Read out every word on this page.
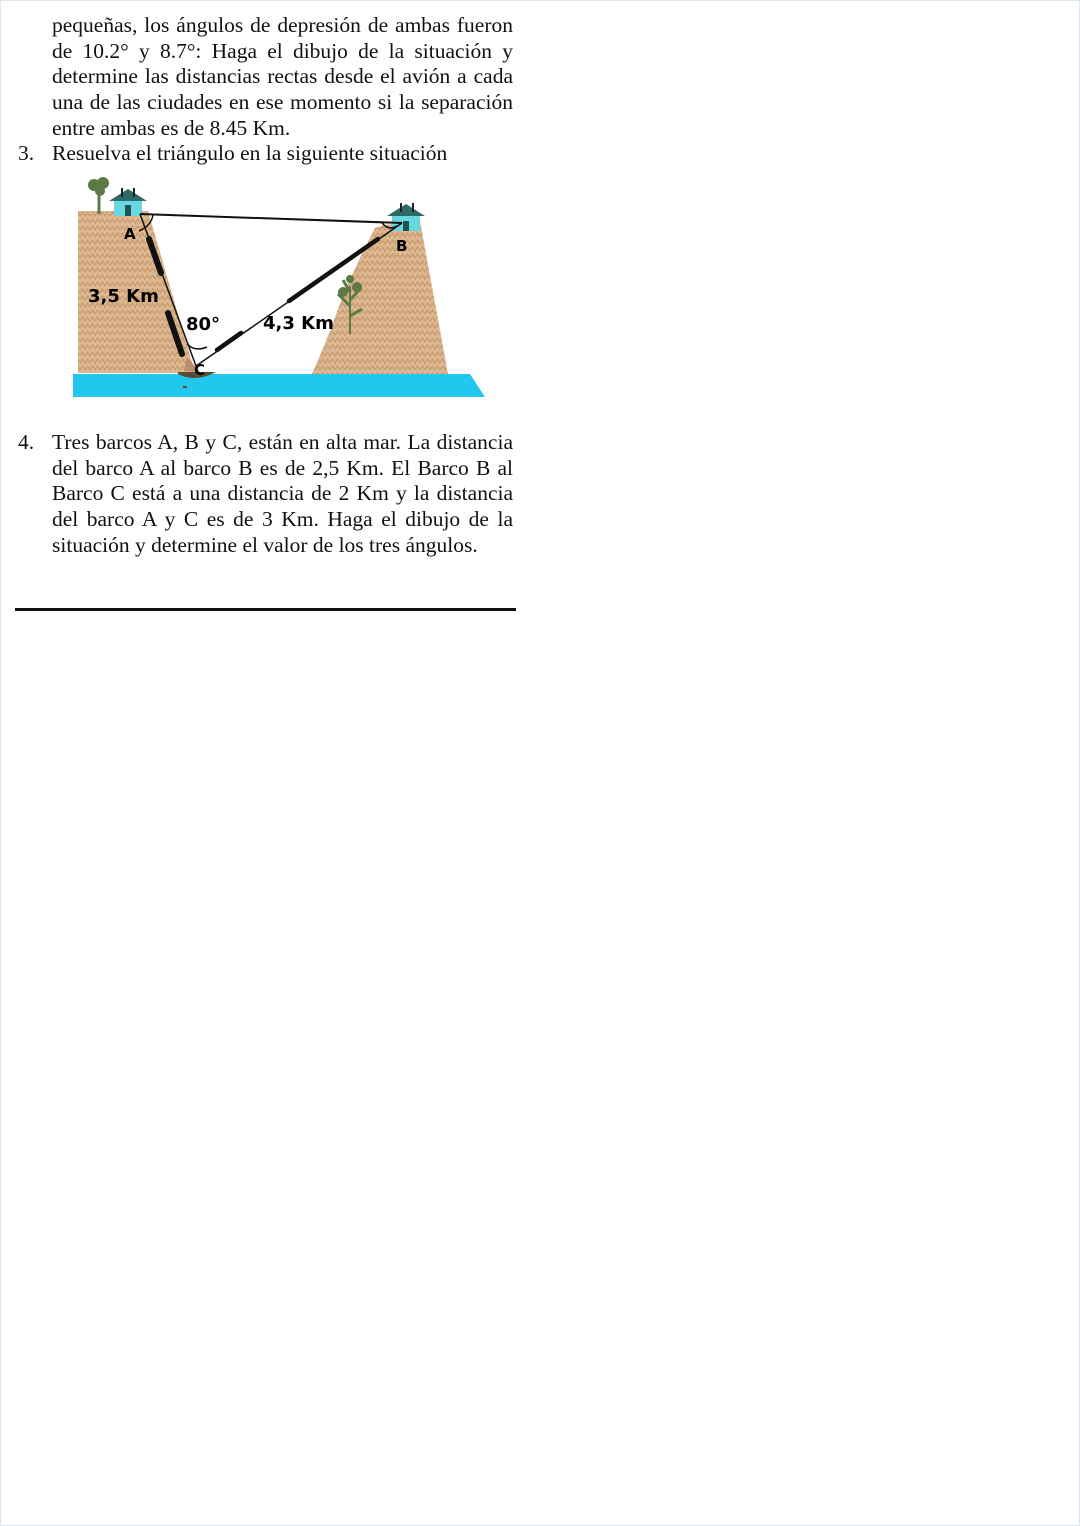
pequeñas, los ángulos de depresión de ambas fueron de 10.2° y 8.7°: Haga el dibujo de la situación y determine las distancias rectas desde el avión a cada una de las ciudades en ese momento si la separación entre ambas es de 8.45 Km.
3. Resuelva el triángulo en la siguiente situación
A
B
C
3,5 Km
4,3 Km
80°
4. Tres barcos A, B y C, están en alta mar. La distancia del barco A al barco B es de 2,5 Km. El Barco B al Barco C está a una distancia de 2 Km y la distancia del barco A y C es de 3 Km. Haga el dibujo de la situación y determine el valor de los tres ángulos.
